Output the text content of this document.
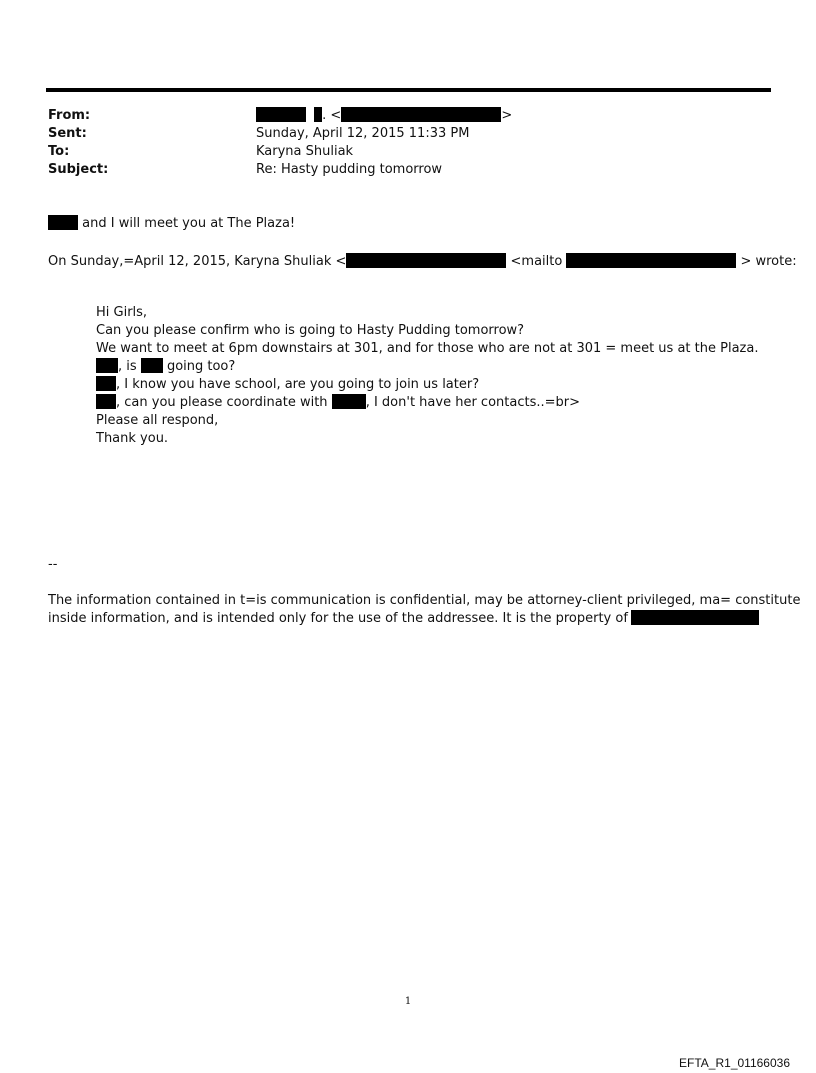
From:	. <	>
Sent:	Sunday, April 12, 2015 11:33 PM
To:	Karyna Shuliak
Subject:	Re: Hasty pudding tomorrow
and I will meet you at The Plaza!
On Sunday,=April 12, 2015, Karyna Shuliak <	<mailto	> wrote:
Hi Girls,
Can you please confirm who is going to Hasty Pudding tomorrow?
We want to meet at 6pm downstairs at 301, and for those who are not at 301 = meet us at the Plaza.
, is going too?
, I know you have school, are you going to join us later?
, can you please coordinate with	, I don't have her contacts..=br>
Please all respond,
Thank you.
--
The information contained in t=is communication is confidential, may be attorney-client privileged, ma= constitute
inside information, and is intended only for the use of the addressee. It is the property of
1
EFTA_R1_01166036
